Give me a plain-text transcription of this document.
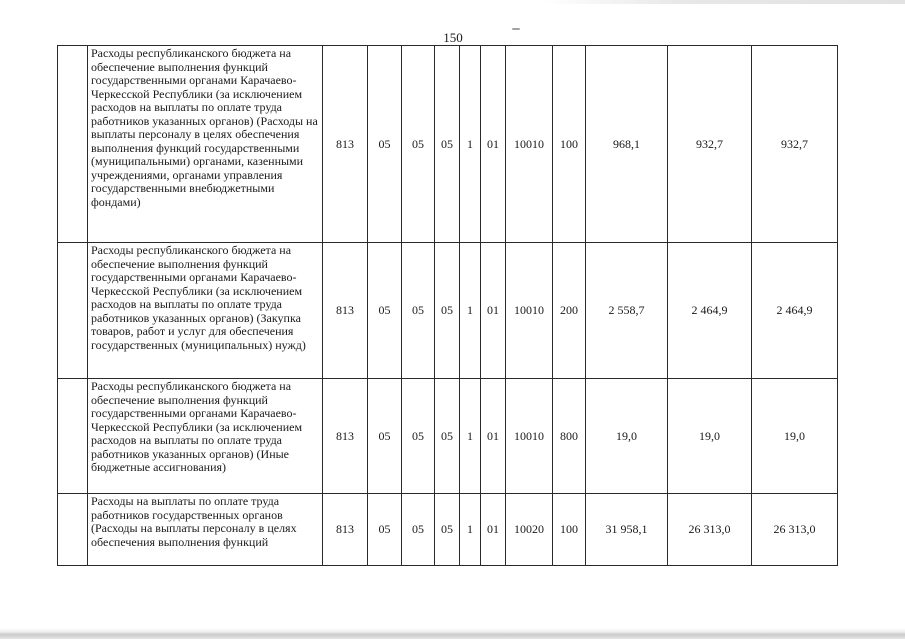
150
	Расходы республиканского бюджета на обеспечение выполнения функций государственными органами Карачаево-Черкесской Республики (за исключением расходов на выплаты по оплате труда работников указанных органов) (Расходы на выплаты персоналу в целях обеспечения выполнения функций государственными (муниципальными) органами, казенными учреждениями, органами управления государственными внебюджетными фондами)	813	05	05	05	1	01	10010	100	968,1	932,7	932,7
	Расходы республиканского бюджета на обеспечение выполнения функций государственными органами Карачаево-Черкесской Республики (за исключением расходов на выплаты по оплате труда работников указанных органов) (Закупка товаров, работ и услуг для обеспечения государственных (муниципальных) нужд)	813	05	05	05	1	01	10010	200	2 558,7	2 464,9	2 464,9
	Расходы республиканского бюджета на обеспечение выполнения функций государственными органами Карачаево-Черкесской Республики (за исключением расходов на выплаты по оплате труда работников указанных органов) (Иные бюджетные ассигнования)	813	05	05	05	1	01	10010	800	19,0	19,0	19,0
	Расходы на выплаты по оплате труда работников государственных органов (Расходы на выплаты персоналу в целях обеспечения выполнения функций	813	05	05	05	1	01	10020	100	31 958,1	26 313,0	26 313,0
